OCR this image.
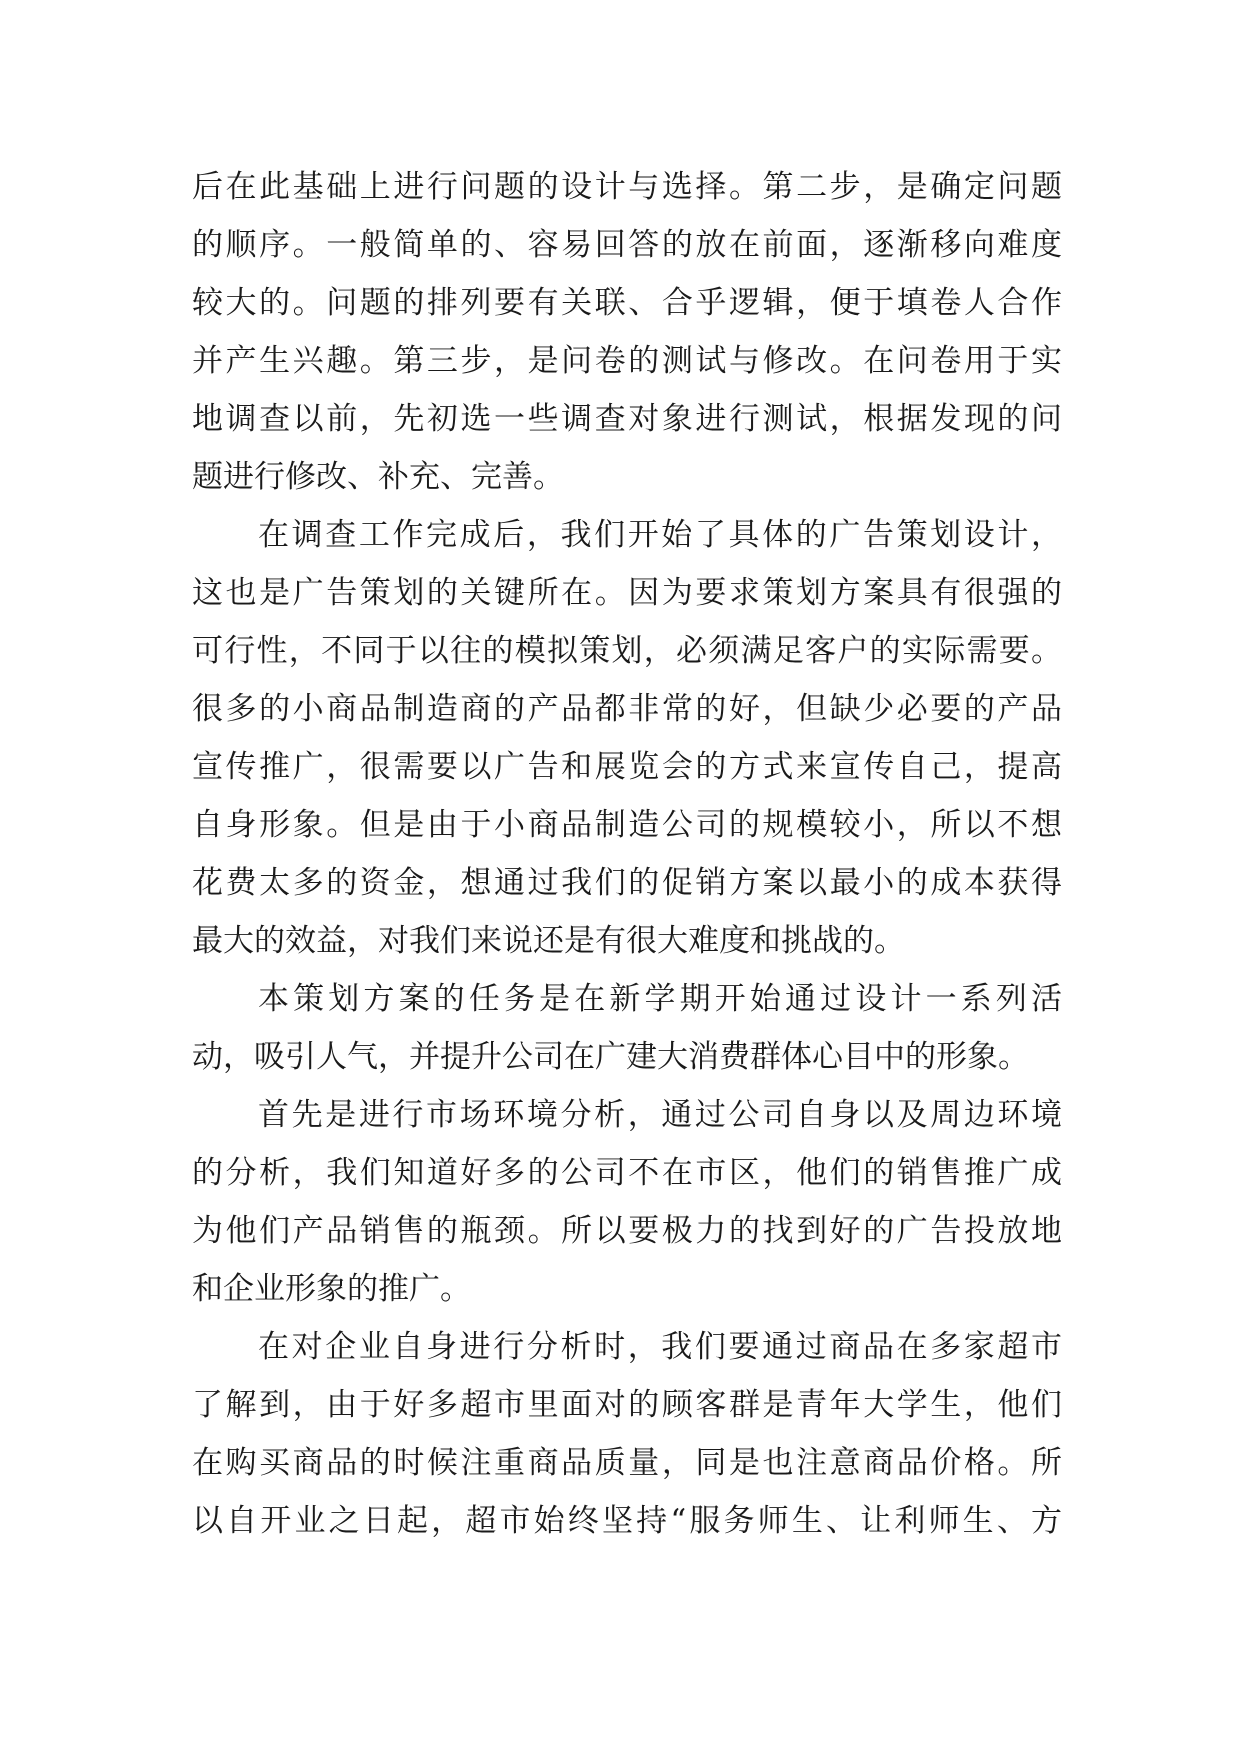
后在此基础上进行问题的设计与选择。第二步，是确定问题
的顺序。一般简单的、容易回答的放在前面，逐渐移向难度
较大的。问题的排列要有关联、合乎逻辑，便于填卷人合作
并产生兴趣。第三步，是问卷的测试与修改。在问卷用于实
地调查以前，先初选一些调查对象进行测试，根据发现的问
题进行修改、补充、完善。
在调查工作完成后，我们开始了具体的广告策划设计，
这也是广告策划的关键所在。因为要求策划方案具有很强的
可行性，不同于以往的模拟策划，必须满足客户的实际需要。
很多的小商品制造商的产品都非常的好，但缺少必要的产品
宣传推广，很需要以广告和展览会的方式来宣传自己，提高
自身形象。但是由于小商品制造公司的规模较小，所以不想
花费太多的资金，想通过我们的促销方案以最小的成本获得
最大的效益，对我们来说还是有很大难度和挑战的。
本策划方案的任务是在新学期开始通过设计一系列活
动，吸引人气，并提升公司在广建大消费群体心目中的形象。
首先是进行市场环境分析，通过公司自身以及周边环境
的分析，我们知道好多的公司不在市区，他们的销售推广成
为他们产品销售的瓶颈。所以要极力的找到好的广告投放地
和企业形象的推广。
在对企业自身进行分析时，我们要通过商品在多家超市
了解到，由于好多超市里面对的顾客群是青年大学生，他们
在购买商品的时候注重商品质量，同是也注意商品价格。所
以自开业之日起，超市始终坚持“服务师生、让利师生、方
